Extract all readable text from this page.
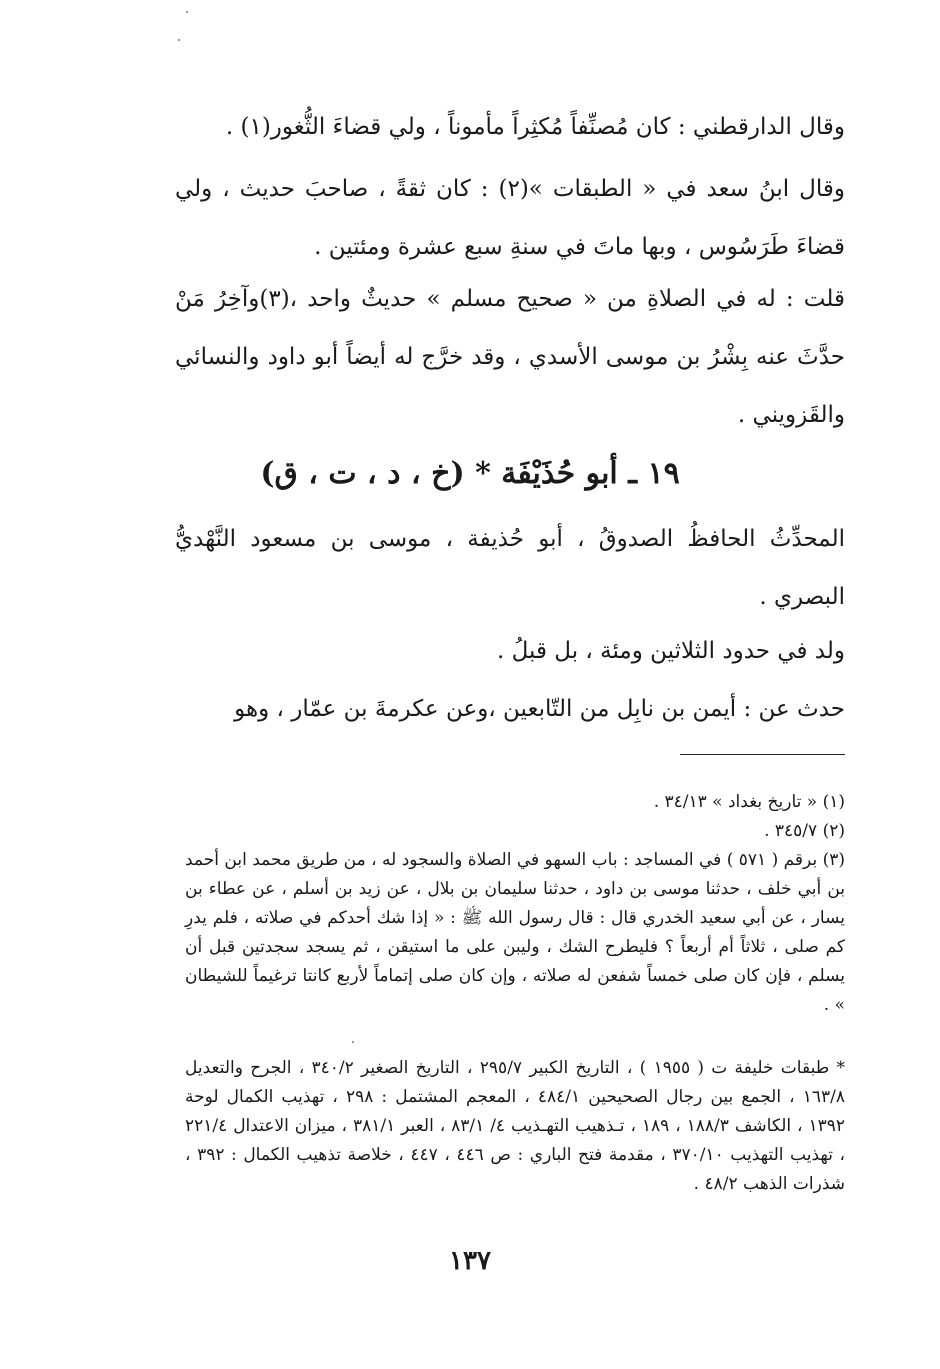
وقال الدارقطني : كان مُصنِّفاً مُكثِراً مأموناً ، ولي قضاءَ الثُّغور(١) .

وقال ابنُ سعد في « الطبقات »(٢) : كان ثقةً ، صاحبَ حديث ، ولي قضاءَ طَرَسُوس ، وبها ماتَ في سنةِ سبع عشرة ومئتين .

قلت : له في الصلاةِ من « صحيح مسلم » حديثٌ واحد ،(٣)وآخِرُ مَنْ حدَّثَ عنه بِشْرُ بن موسى الأسدي ، وقد خرَّج له أيضاً أبو داود والنسائي والقَزويني .

١٩ ـ أبو حُذَيْفَة * (خ ، د ، ت ، ق)

المحدِّثُ الحافظُ الصدوقُ ، أبو حُذيفة ، موسى بن مسعود النَّهْديُّ البصري .

ولد في حدود الثلاثين ومئة ، بل قبلُ .

حدث عن : أيمن بن نابِل من التّابعين ،وعن عكرمةَ بن عمّار ، وهو

(١) « تاريخ بغداد » ٣٤/١٣ .

(٢) ٣٤٥/٧ .

(٣) برقم ( ٥٧١ ) في المساجد : باب السهو في الصلاة والسجود له ، من طريق محمد ابن أحمد بن أبي خلف ، حدثنا موسى بن داود ، حدثنا سليمان بن بلال ، عن زيد بن أسلم ، عن عطاء بن يسار ، عن أبي سعيد الخدري قال : قال رسول الله ﷺ : « إذا شك أحدكم في صلاته ، فلم يدرِ كم صلى ، ثلاثاً أم أربعاً ؟ فليطرح الشك ، وليبن على ما استيقن ، ثم يسجد سجدتين قبل أن يسلم ، فإن كان صلى خمساً شفعن له صلاته ، وإن كان صلى إتماماً لأربع كانتا ترغيماً للشيطان » .

* طبقات خليفة ت ( ١٩٥٥ ) ، التاريخ الكبير ٢٩٥/٧ ، التاريخ الصغير ٣٤٠/٢ ، الجرح والتعديل ١٦٣/٨ ، الجمع بين رجال الصحيحين ٤٨٤/١ ، المعجم المشتمل : ٢٩٨ ، تهذيب الكمال لوحة ١٣٩٢ ، الكاشف ١٨٨/٣ ، ١٨٩ ، تـذهيب التهـذيب ٤/ ٨٣/١ ، العبر ٣٨١/١ ، ميزان الاعتدال ٢٢١/٤ ، تهذيب التهذيب ٣٧٠/١٠ ، مقدمة فتح الباري : ص ٤٤٦ ، ٤٤٧ ، خلاصة تذهيب الكمال : ٣٩٢ ، شذرات الذهب ٤٨/٢ .

١٣٧
